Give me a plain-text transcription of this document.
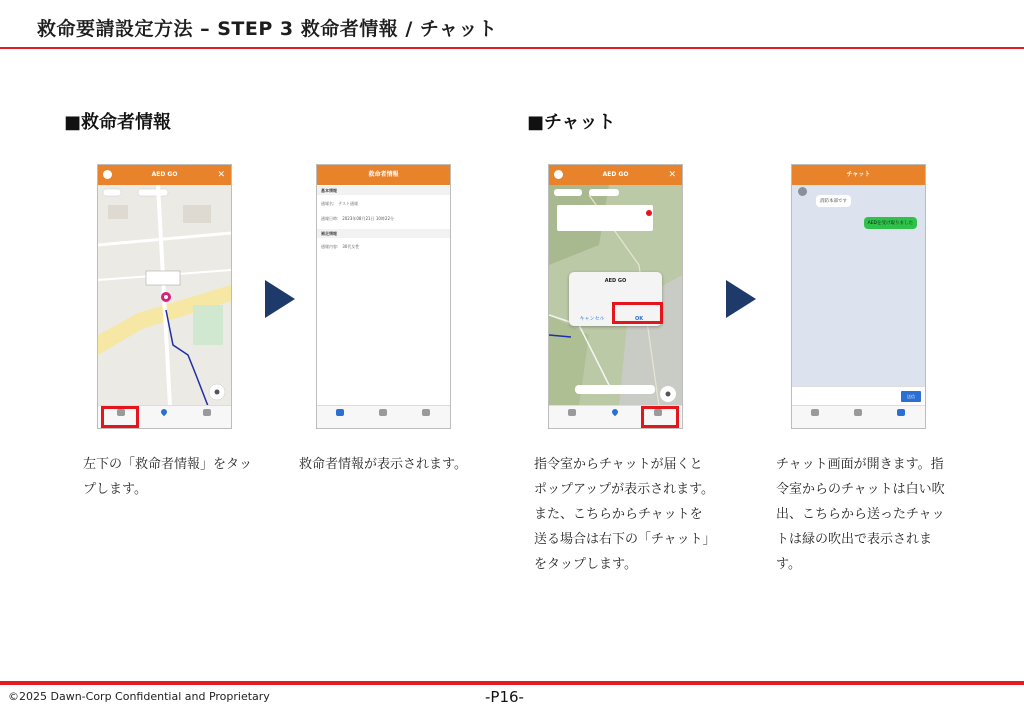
救命要請設定方法 – STEP 3 救命者情報 / チャット
■救命者情報	■チャット
AED GO	✕	救命者情報
基本情報
通報名: テスト通報
通報日時: 2023年08月21日 10時22分
補足情報
通報内容: 30代女性
AED GO	✕
AED GO
キャンセル	OK
チャット
消防本部です
AEDを受け取りました
送信
左下の「救命者情報」をタッ
プします。
救命者情報が表示されます。	指令室からチャットが届くと
ポップアップが表示されます。
また、こちらからチャットを
送る場合は右下の「チャット」
をタップします。
チャット画面が開きます。指
令室からのチャットは白い吹
出、こちらから送ったチャッ
トは緑の吹出で表示されま
す。
©2025 Dawn-Corp Confidential and Proprietary	-P16-
